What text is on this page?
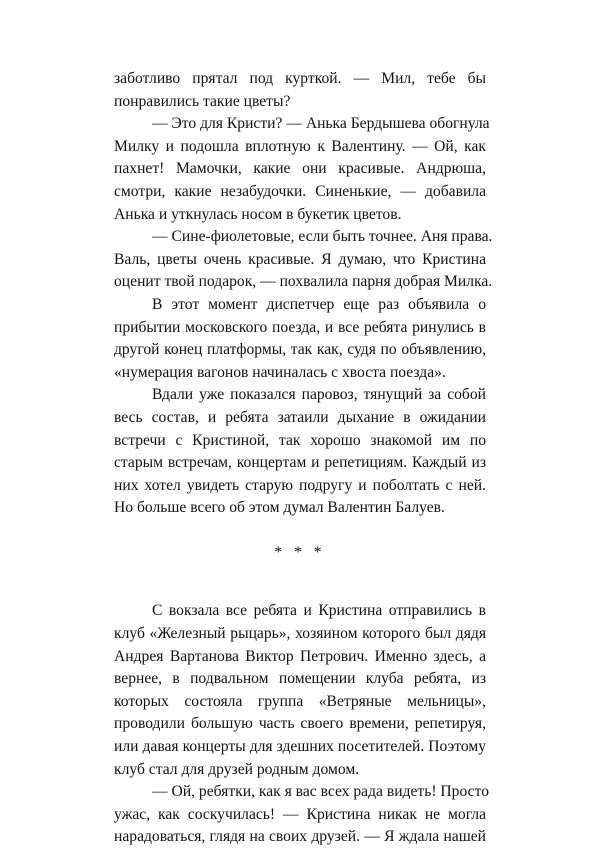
заботливо прятал под курткой. — Мил, тебе бы
понравились такие цветы?
— Это для Кристи? — Анька Бердышева обогнула
Милку и подошла вплотную к Валентину. — Ой, как
пахнет! Мамочки, какие они красивые. Андрюша,
смотри, какие незабудочки. Синенькие, — добавила
Анька и уткнулась носом в букетик цветов.
— Сине-фиолетовые, если быть точнее. Аня права.
Валь, цветы очень красивые. Я думаю, что Кристина
оценит твой подарок, — похвалила парня добрая Милка.
В этот момент диспетчер еще раз объявила о
прибытии московского поезда, и все ребята ринулись в
другой конец платформы, так как, судя по объявлению,
«нумерация вагонов начиналась с хвоста поезда».
Вдали уже показался паровоз, тянущий за собой
весь состав, и ребята затаили дыхание в ожидании
встречи с Кристиной, так хорошо знакомой им по
старым встречам, концертам и репетициям. Каждый из
них хотел увидеть старую подругу и поболтать с ней.
Но больше всего об этом думал Валентин Балуев.
* * *
С вокзала все ребята и Кристина отправились в
клуб «Железный рыцарь», хозяином которого был дядя
Андрея Вартанова Виктор Петрович. Именно здесь, а
вернее, в подвальном помещении клуба ребята, из
которых состояла группа «Ветряные мельницы»,
проводили большую часть своего времени, репетируя,
или давая концерты для здешних посетителей. Поэтому
клуб стал для друзей родным домом.
— Ой, ребятки, как я вас всех рада видеть! Просто
ужас, как соскучилась! — Кристина никак не могла
нарадоваться, глядя на своих друзей. — Я ждала нашей
